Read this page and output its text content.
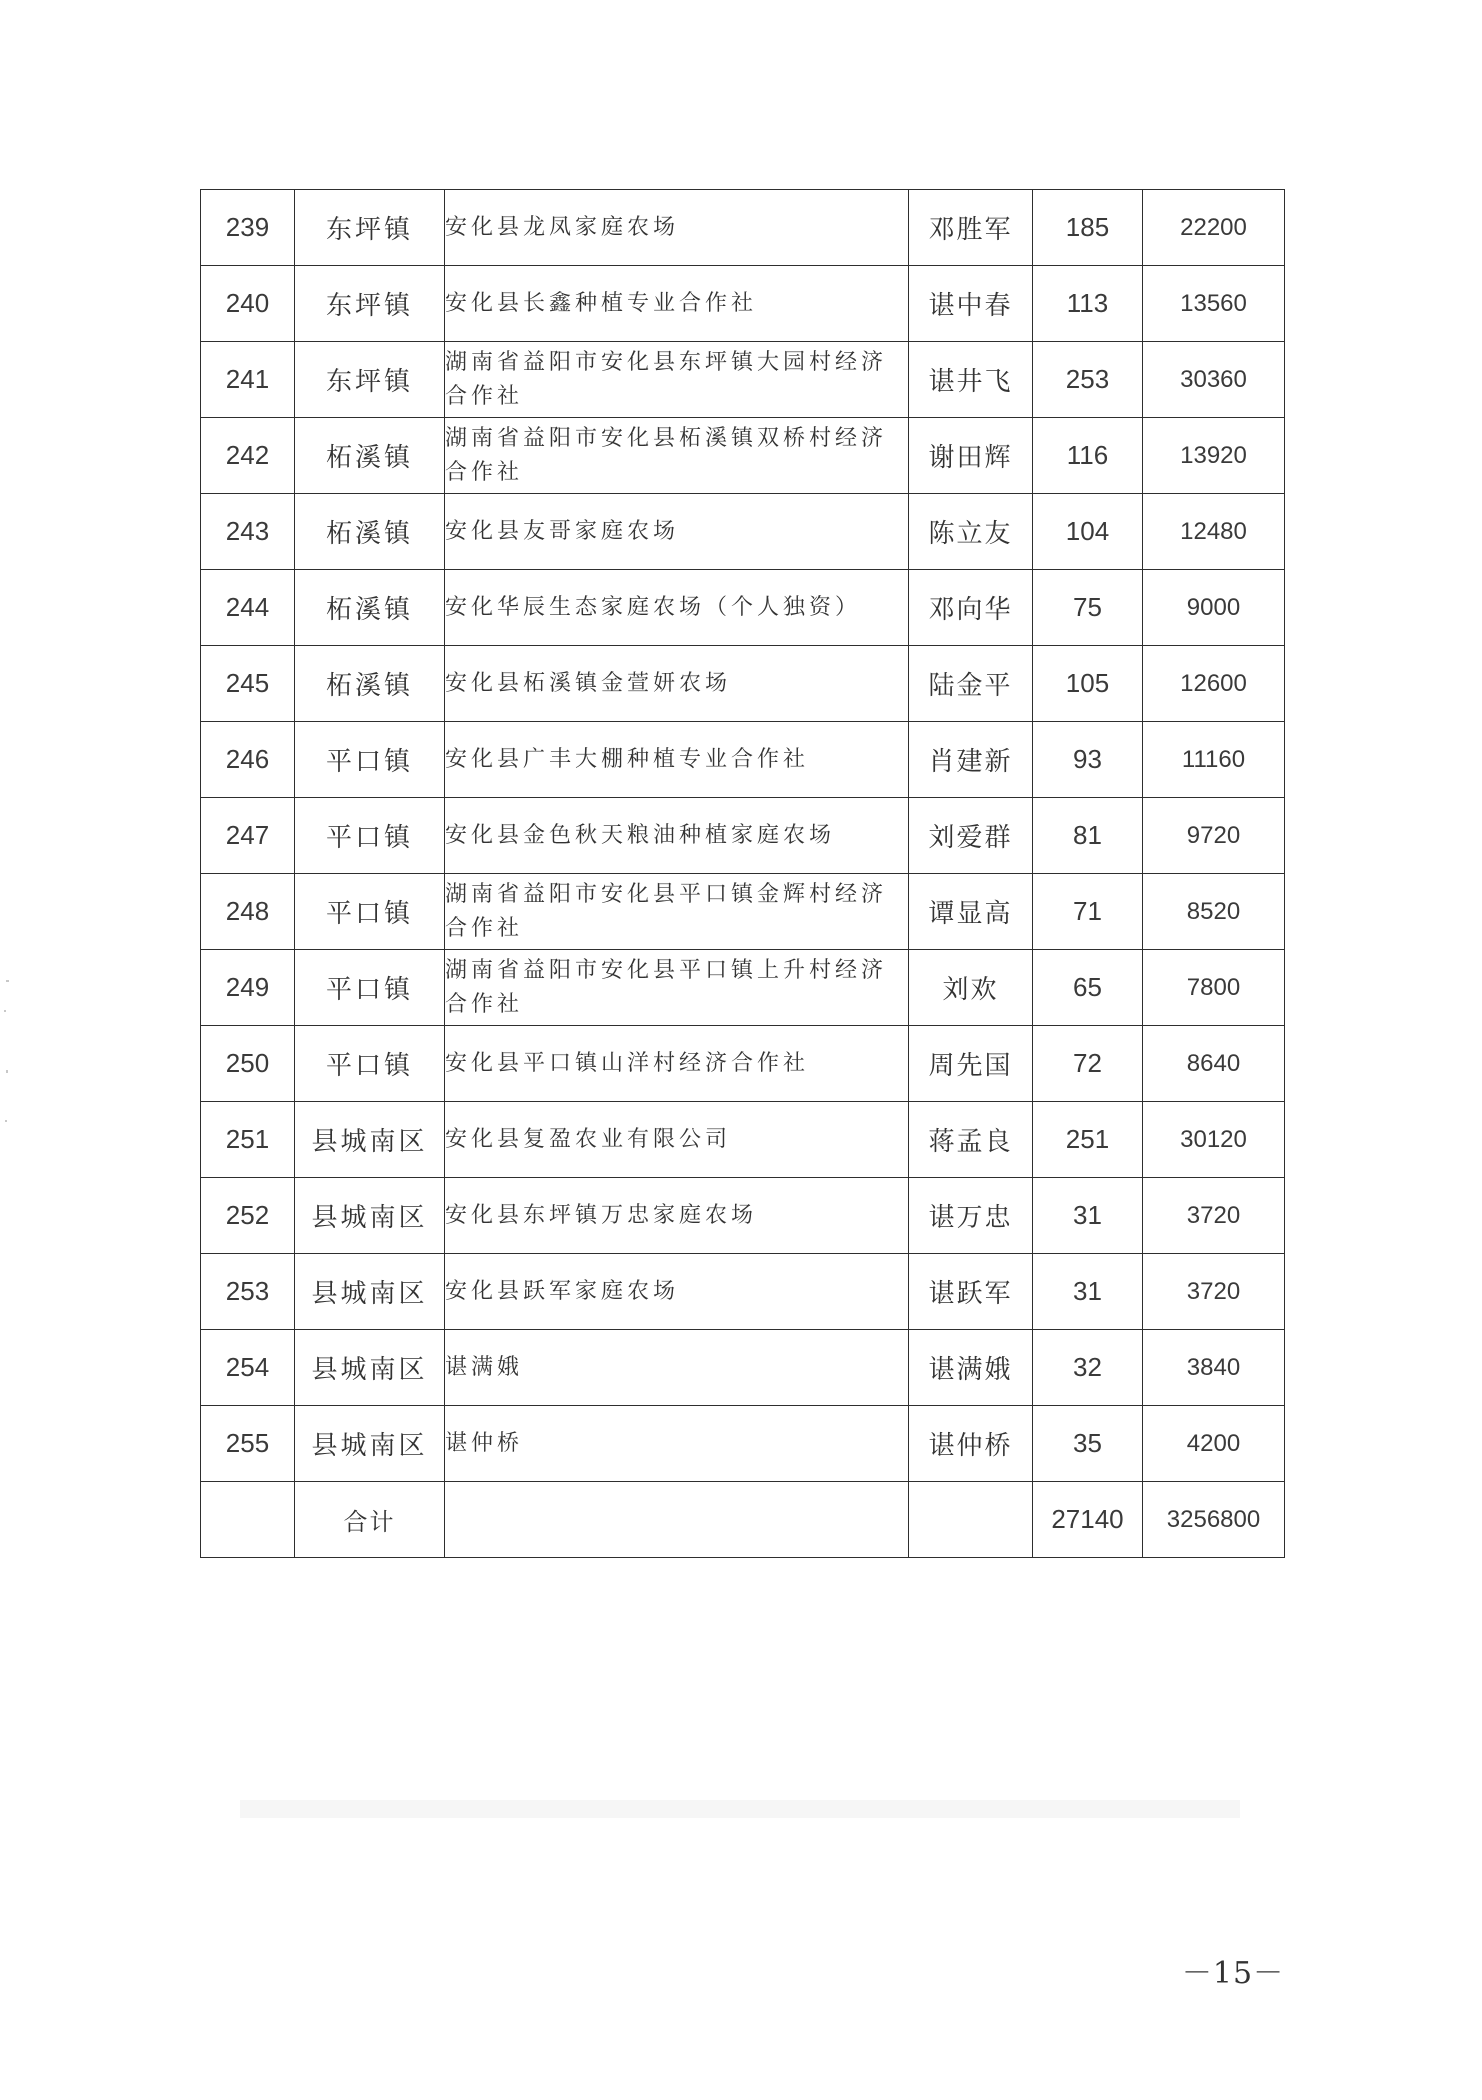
239	东坪镇	安化县龙凤家庭农场	邓胜军	185	22200
240	东坪镇	安化县长鑫种植专业合作社	谌中春	113	13560
241	东坪镇	湖南省益阳市安化县东坪镇大园村经济合作社	谌井飞	253	30360
242	柘溪镇	湖南省益阳市安化县柘溪镇双桥村经济合作社	谢田辉	116	13920
243	柘溪镇	安化县友哥家庭农场	陈立友	104	12480
244	柘溪镇	安化华辰生态家庭农场（个人独资）	邓向华	75	9000
245	柘溪镇	安化县柘溪镇金萱妍农场	陆金平	105	12600
246	平口镇	安化县广丰大棚种植专业合作社	肖建新	93	11160
247	平口镇	安化县金色秋天粮油种植家庭农场	刘爱群	81	9720
248	平口镇	湖南省益阳市安化县平口镇金辉村经济合作社	谭显高	71	8520
249	平口镇	湖南省益阳市安化县平口镇上升村经济合作社	刘欢	65	7800
250	平口镇	安化县平口镇山洋村经济合作社	周先国	72	8640
251	县城南区	安化县复盈农业有限公司	蒋孟良	251	30120
252	县城南区	安化县东坪镇万忠家庭农场	谌万忠	31	3720
253	县城南区	安化县跃军家庭农场	谌跃军	31	3720
254	县城南区	谌满娥	谌满娥	32	3840
255	县城南区	谌仲桥	谌仲桥	35	4200
	合计			27140	3256800
－15－
